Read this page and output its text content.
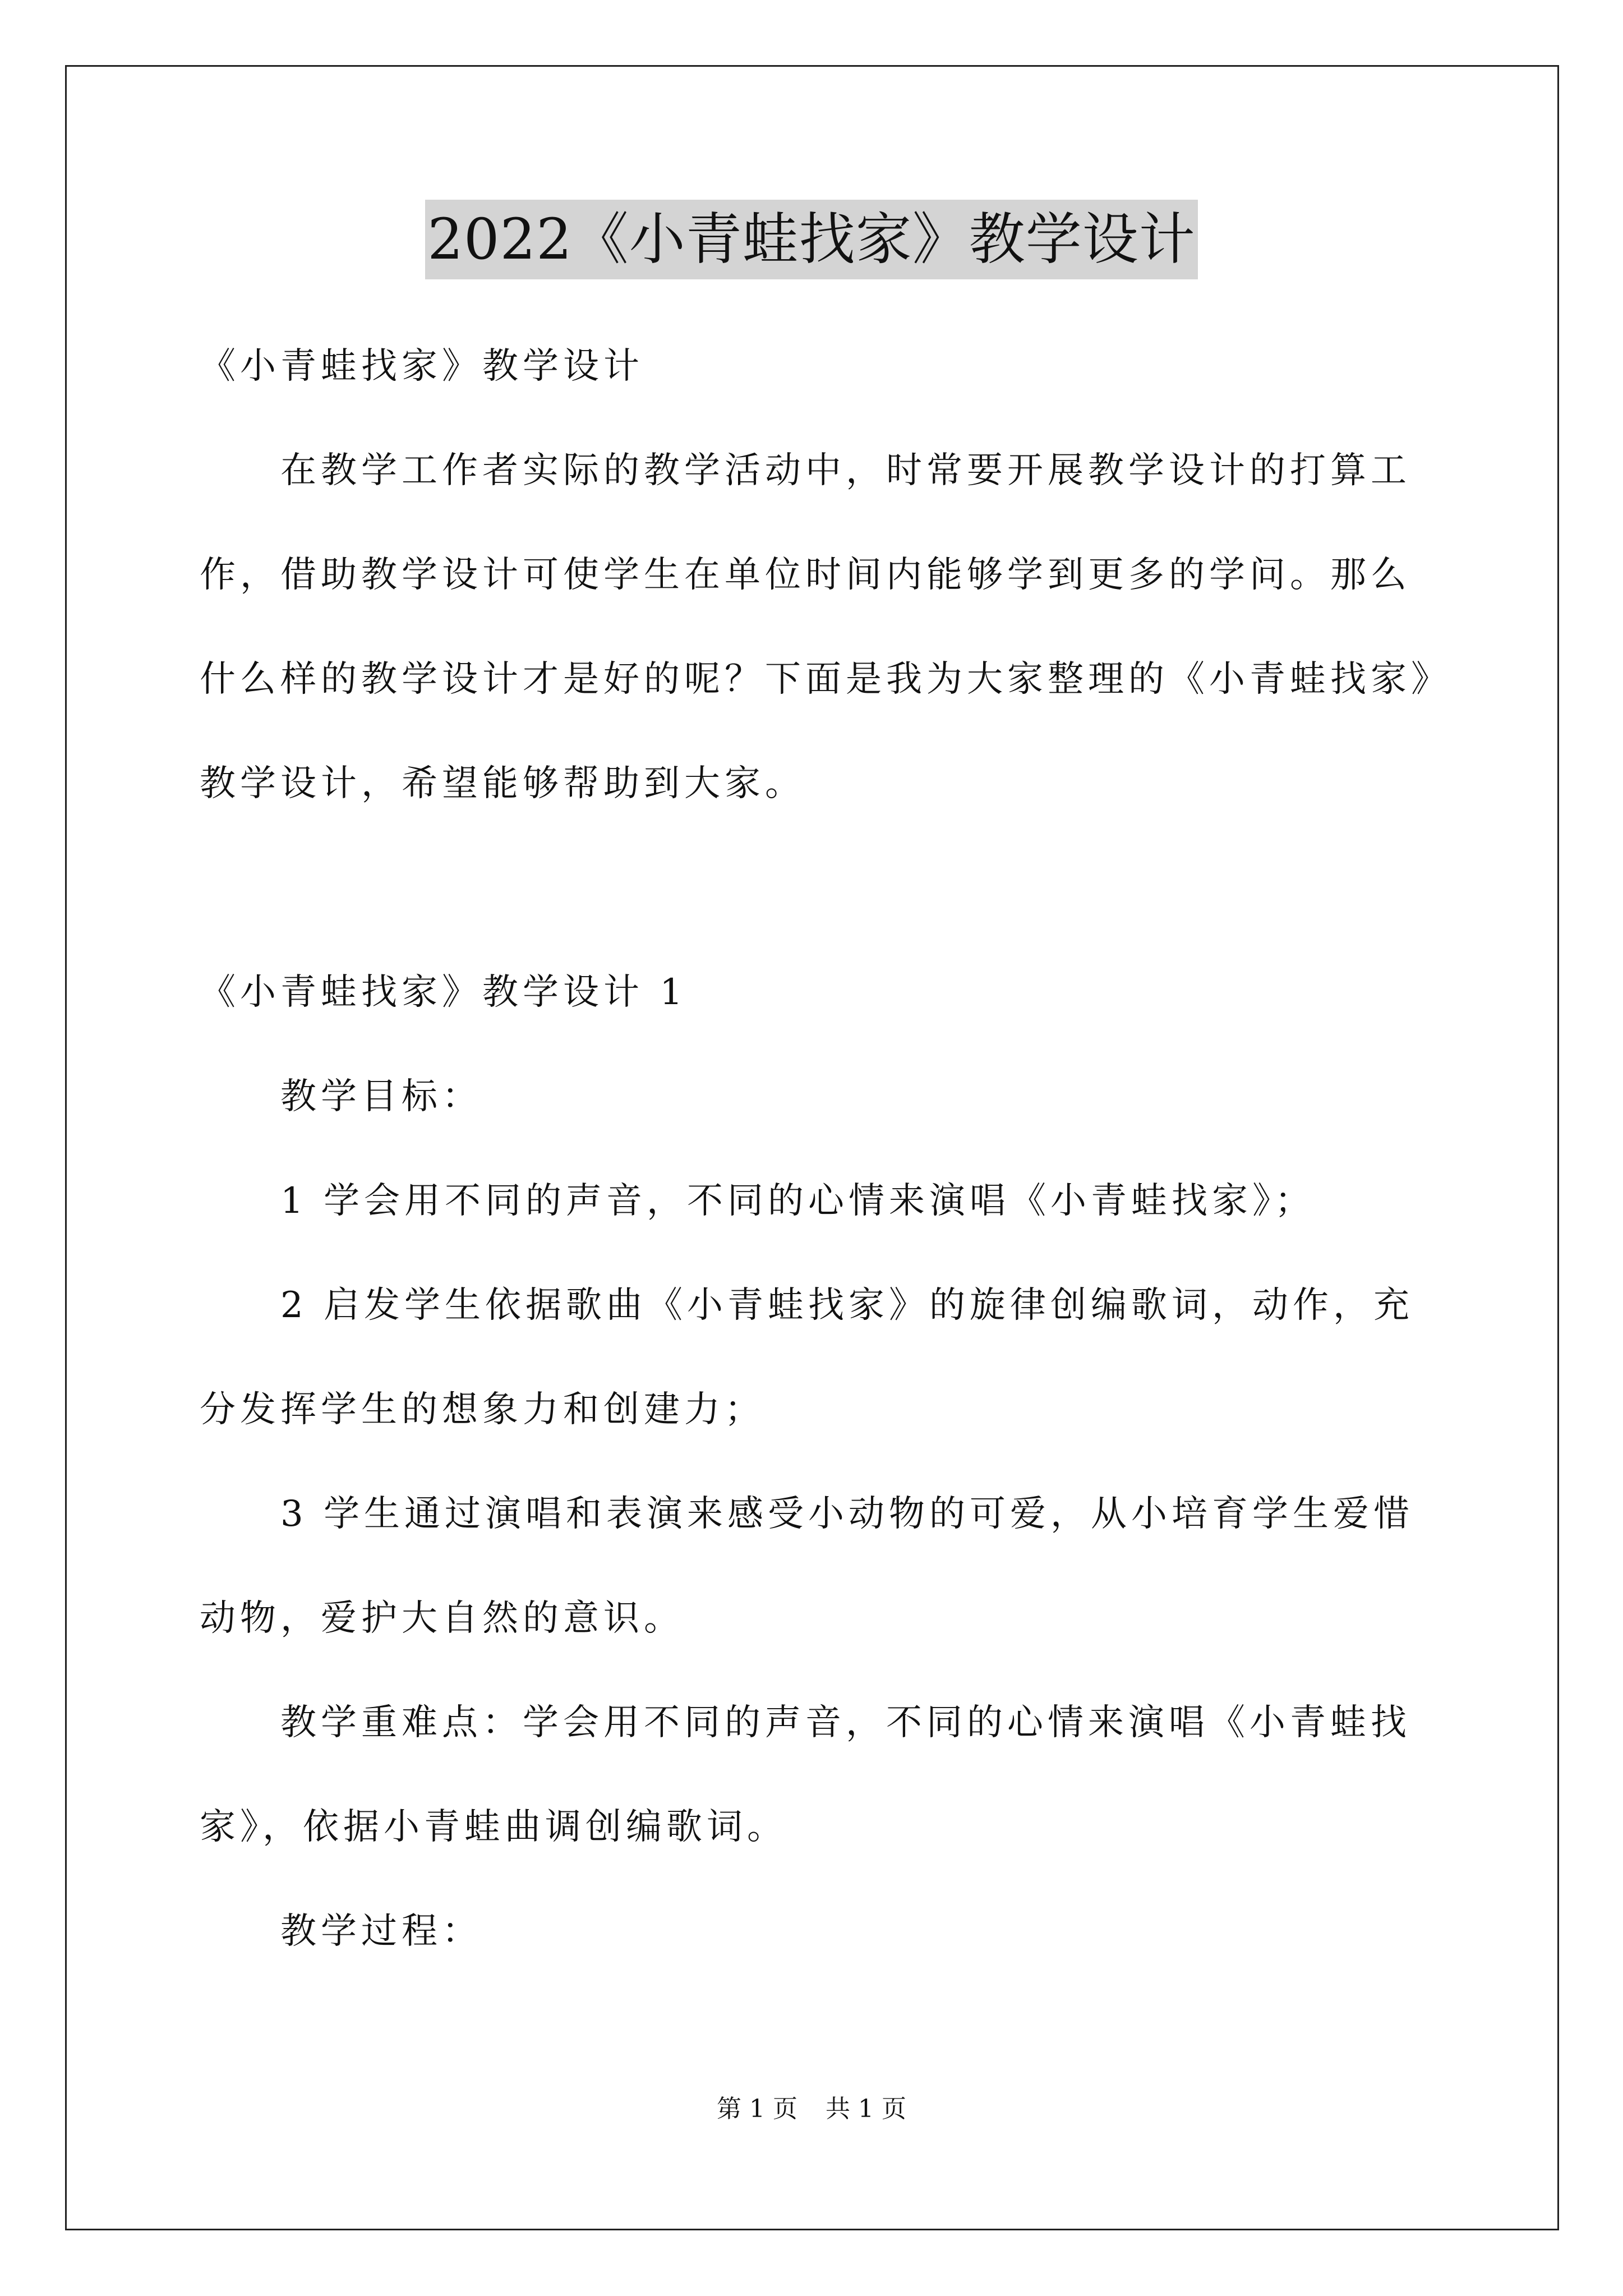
2022《小青蛙找家》教学设计
《小青蛙找家》教学设计
在教学工作者实际的教学活动中，时常要开展教学设计的打算工
作，借助教学设计可使学生在单位时间内能够学到更多的学问。那么
什么样的教学设计才是好的呢？下面是我为大家整理的《小青蛙找家》
教学设计，希望能够帮助到大家。
《小青蛙找家》教学设计 1
教学目标：
1 学会用不同的声音，不同的心情来演唱《小青蛙找家》；
2 启发学生依据歌曲《小青蛙找家》的旋律创编歌词，动作，充
分发挥学生的想象力和创建力；
3 学生通过演唱和表演来感受小动物的可爱，从小培育学生爱惜
动物，爱护大自然的意识。
教学重难点：学会用不同的声音，不同的心情来演唱《小青蛙找
家》，依据小青蛙曲调创编歌词。
教学过程：
第 1 页 共 1 页
